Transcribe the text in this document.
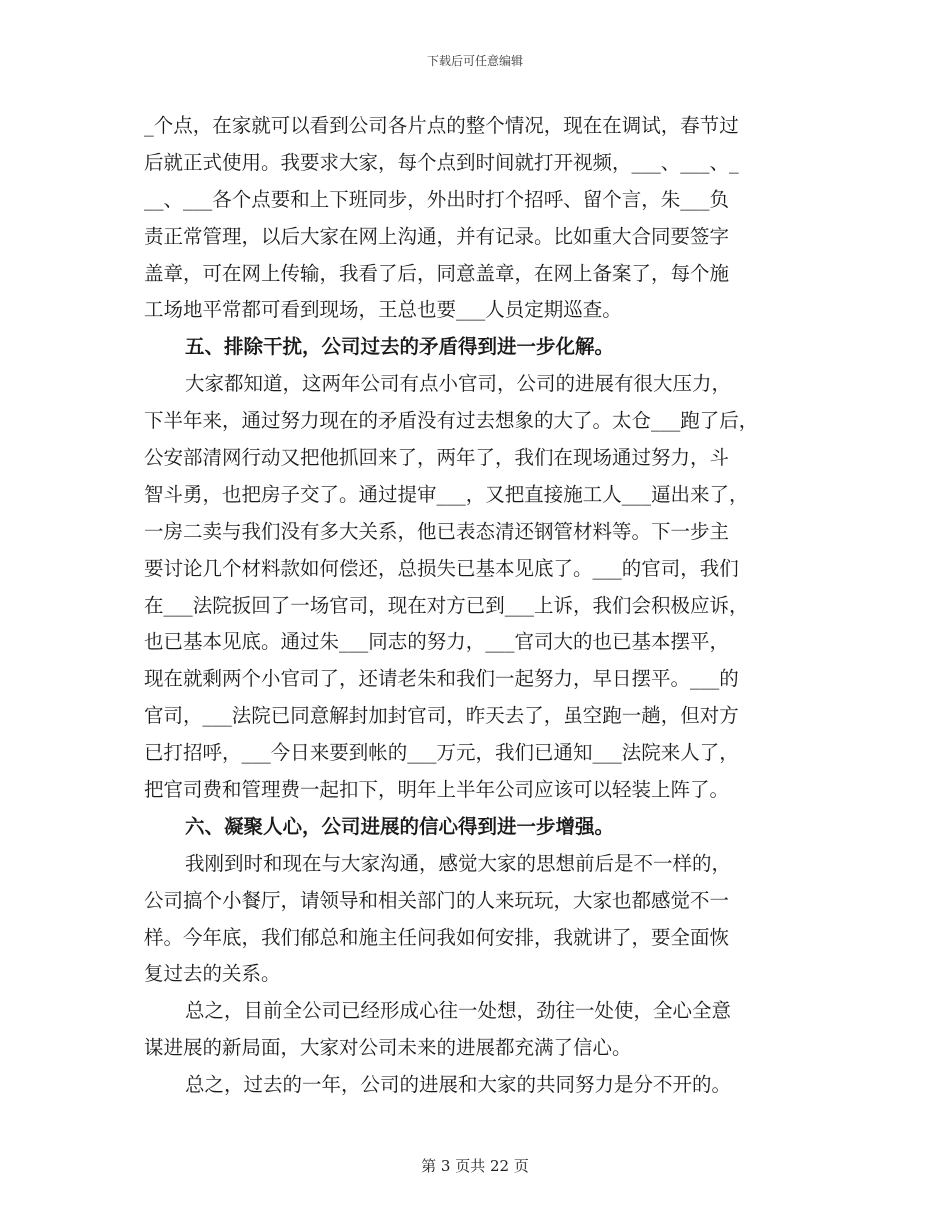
下载后可任意编辑
_个点，在家就可以看到公司各片点的整个情况，现在在调试，春节过
后就正式使用。我要求大家，每个点到时间就打开视频，___、___、_
__、___各个点要和上下班同步，外出时打个招呼、留个言，朱___负
责正常管理，以后大家在网上沟通，并有记录。比如重大合同要签字
盖章，可在网上传输，我看了后，同意盖章，在网上备案了，每个施
工场地平常都可看到现场，王总也要___人员定期巡查。
五、排除干扰，公司过去的矛盾得到进一步化解。
大家都知道，这两年公司有点小官司，公司的进展有很大压力，
下半年来，通过努力现在的矛盾没有过去想象的大了。太仓___跑了后，
公安部清网行动又把他抓回来了，两年了，我们在现场通过努力，斗
智斗勇，也把房子交了。通过提审___，又把直接施工人___逼出来了，
一房二卖与我们没有多大关系，他已表态清还钢管材料等。下一步主
要讨论几个材料款如何偿还，总损失已基本见底了。___的官司，我们
在___法院扳回了一场官司，现在对方已到___上诉，我们会积极应诉，
也已基本见底。通过朱___同志的努力，___官司大的也已基本摆平，
现在就剩两个小官司了，还请老朱和我们一起努力，早日摆平。___的
官司，___法院已同意解封加封官司，昨天去了，虽空跑一趟，但对方
已打招呼，___今日来要到帐的___万元，我们已通知___法院来人了，
把官司费和管理费一起扣下，明年上半年公司应该可以轻装上阵了。
六、凝聚人心，公司进展的信心得到进一步增强。
我刚到时和现在与大家沟通，感觉大家的思想前后是不一样的，
公司搞个小餐厅，请领导和相关部门的人来玩玩，大家也都感觉不一
样。今年底，我们郁总和施主任问我如何安排，我就讲了，要全面恢
复过去的关系。
总之，目前全公司已经形成心往一处想，劲往一处使，全心全意
谋进展的新局面，大家对公司未来的进展都充满了信心。
总之，过去的一年，公司的进展和大家的共同努力是分不开的。
第 3 页共 22 页
